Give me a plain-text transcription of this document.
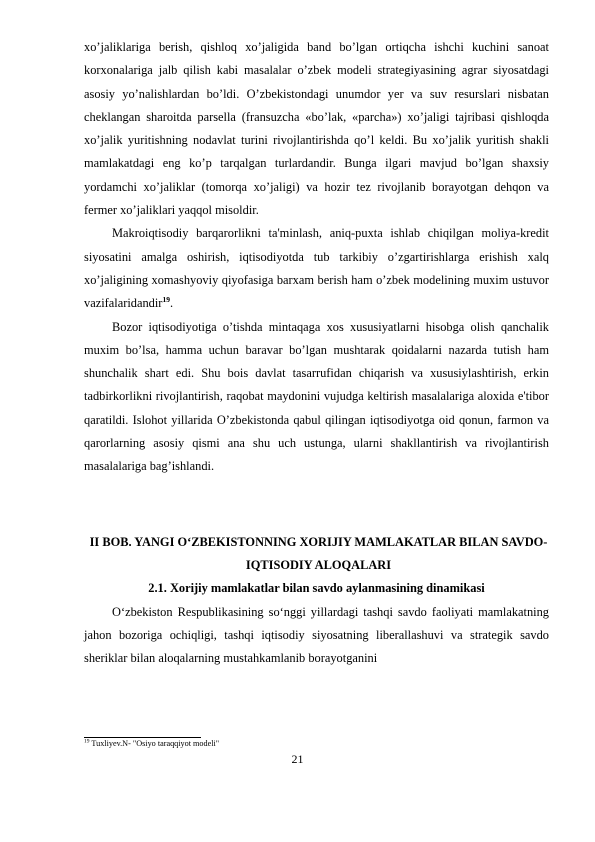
xo’jaliklariga berish, qishloq xo’jaligida band bo’lgan ortiqcha ishchi kuchini sanoat korxonalariga jalb qilish kabi masalalar o’zbek modeli strategiyasining agrar siyosatdagi asosiy yo’nalishlardan bo’ldi. O’zbekistondagi unumdor yer va suv resurslari nisbatan cheklangan sharoitda parsella (fransuzcha «bo’lak, «parcha») xo’jaligi tajribasi qishloqda xo’jalik yuritishning nodavlat turini rivojlantirishda qo’l keldi. Bu xo’jalik yuritish shakli mamlakatdagi eng ko’p tarqalgan turlardandir. Bunga ilgari mavjud bo’lgan shaxsiy yordamchi xo’jaliklar (tomorqa xo’jaligi) va hozir tez rivojlanib borayotgan dehqon va fermer xo’jaliklari yaqqol misoldir.

Makroiqtisodiy barqarorlikni ta'minlash, aniq-puxta ishlab chiqilgan moliya-kredit siyosatini amalga oshirish, iqtisodiyotda tub tarkibiy o’zgartirishlarga erishish xalq xo’jaligining xomashyoviy qiyofasiga barxam berish ham o’zbek modelining muxim ustuvor vazifalaridandir$^{19}$.

Bozor iqtisodiyotiga o’tishda mintaqaga xos xususiyatlarni hisobga olish qanchalik muxim bo’lsa, hamma uchun baravar bo’lgan mushtarak qoidalarni nazarda tutish ham shunchalik shart edi. Shu bois davlat tasarrufidan chiqarish va xususiylashtirish, erkin tadbirkorlikni rivojlantirish, raqobat maydonini vujudga keltirish masalalariga aloxida e'tibor qaratildi. Islohot yillarida O’zbekistonda qabul qilingan iqtisodiyotga oid qonun, farmon va qarorlarning asosiy qismi ana shu uch ustunga, ularni shakllantirish va rivojlantirish masalalariga bag’ishlandi.

II BOB. YANGI O‘ZBEKISTONNING XORIJIY MAMLAKATLAR BILAN SAVDO-IQTISODIY ALOQALARI

2.1. Xorijiy mamlakatlar bilan savdo aylanmasining dinamikasi

O‘zbekiston Respublikasining so‘nggi yillardagi tashqi savdo faoliyati mamlakatning jahon bozoriga ochiqligi, tashqi iqtisodiy siyosatning liberallashuvi va strategik savdo sheriklar bilan aloqalarning mustahkamlanib borayotganini

$^{19}$ Tuxliyev.N- "Osiyo taraqqiyot modeli"

21
